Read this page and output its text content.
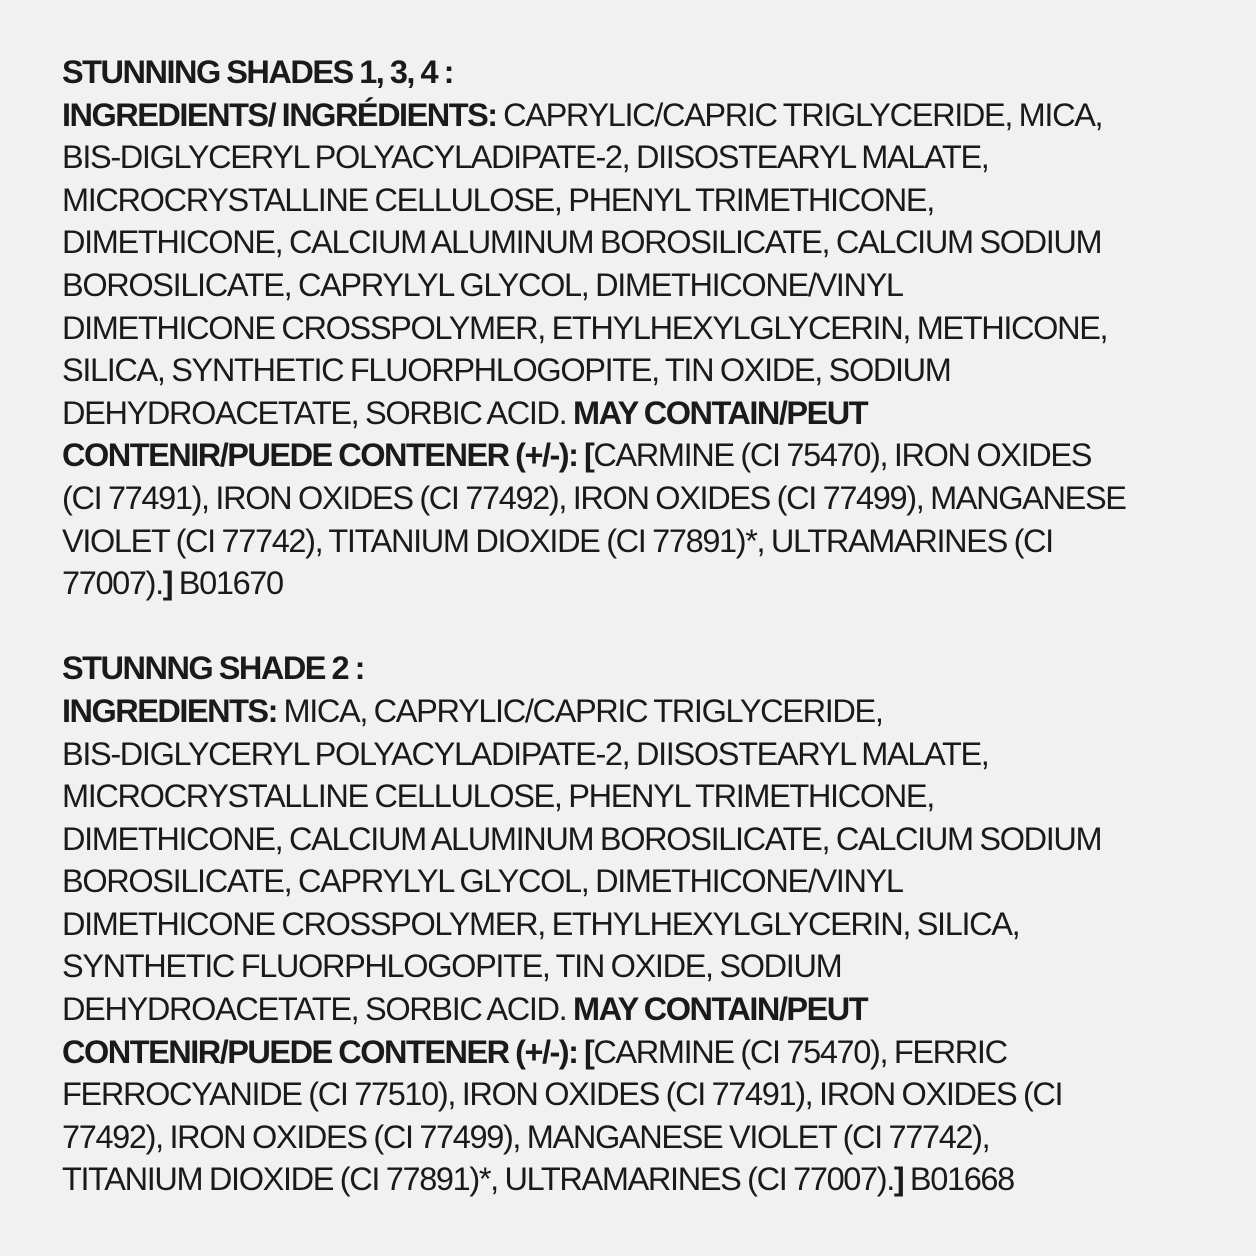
STUNNING SHADES 1, 3, 4 :
INGREDIENTS/ INGRÉDIENTS: CAPRYLIC/CAPRIC TRIGLYCERIDE, MICA,
BIS-DIGLYCERYL POLYACYLADIPATE-2, DIISOSTEARYL MALATE,
MICROCRYSTALLINE CELLULOSE, PHENYL TRIMETHICONE,
DIMETHICONE, CALCIUM ALUMINUM BOROSILICATE, CALCIUM SODIUM
BOROSILICATE, CAPRYLYL GLYCOL, DIMETHICONE/VINYL
DIMETHICONE CROSSPOLYMER, ETHYLHEXYLGLYCERIN, METHICONE,
SILICA, SYNTHETIC FLUORPHLOGOPITE, TIN OXIDE, SODIUM
DEHYDROACETATE, SORBIC ACID. MAY CONTAIN/PEUT
CONTENIR/PUEDE CONTENER (+/-): [CARMINE (CI 75470), IRON OXIDES
(CI 77491), IRON OXIDES (CI 77492), IRON OXIDES (CI 77499), MANGANESE
VIOLET (CI 77742), TITANIUM DIOXIDE (CI 77891)*, ULTRAMARINES (CI
77007).] B01670
STUNNNG SHADE 2 :
INGREDIENTS: MICA, CAPRYLIC/CAPRIC TRIGLYCERIDE,
BIS-DIGLYCERYL POLYACYLADIPATE-2, DIISOSTEARYL MALATE,
MICROCRYSTALLINE CELLULOSE, PHENYL TRIMETHICONE,
DIMETHICONE, CALCIUM ALUMINUM BOROSILICATE, CALCIUM SODIUM
BOROSILICATE, CAPRYLYL GLYCOL, DIMETHICONE/VINYL
DIMETHICONE CROSSPOLYMER, ETHYLHEXYLGLYCERIN, SILICA,
SYNTHETIC FLUORPHLOGOPITE, TIN OXIDE, SODIUM
DEHYDROACETATE, SORBIC ACID. MAY CONTAIN/PEUT
CONTENIR/PUEDE CONTENER (+/-): [CARMINE (CI 75470), FERRIC
FERROCYANIDE (CI 77510), IRON OXIDES (CI 77491), IRON OXIDES (CI
77492), IRON OXIDES (CI 77499), MANGANESE VIOLET (CI 77742),
TITANIUM DIOXIDE (CI 77891)*, ULTRAMARINES (CI 77007).] B01668
